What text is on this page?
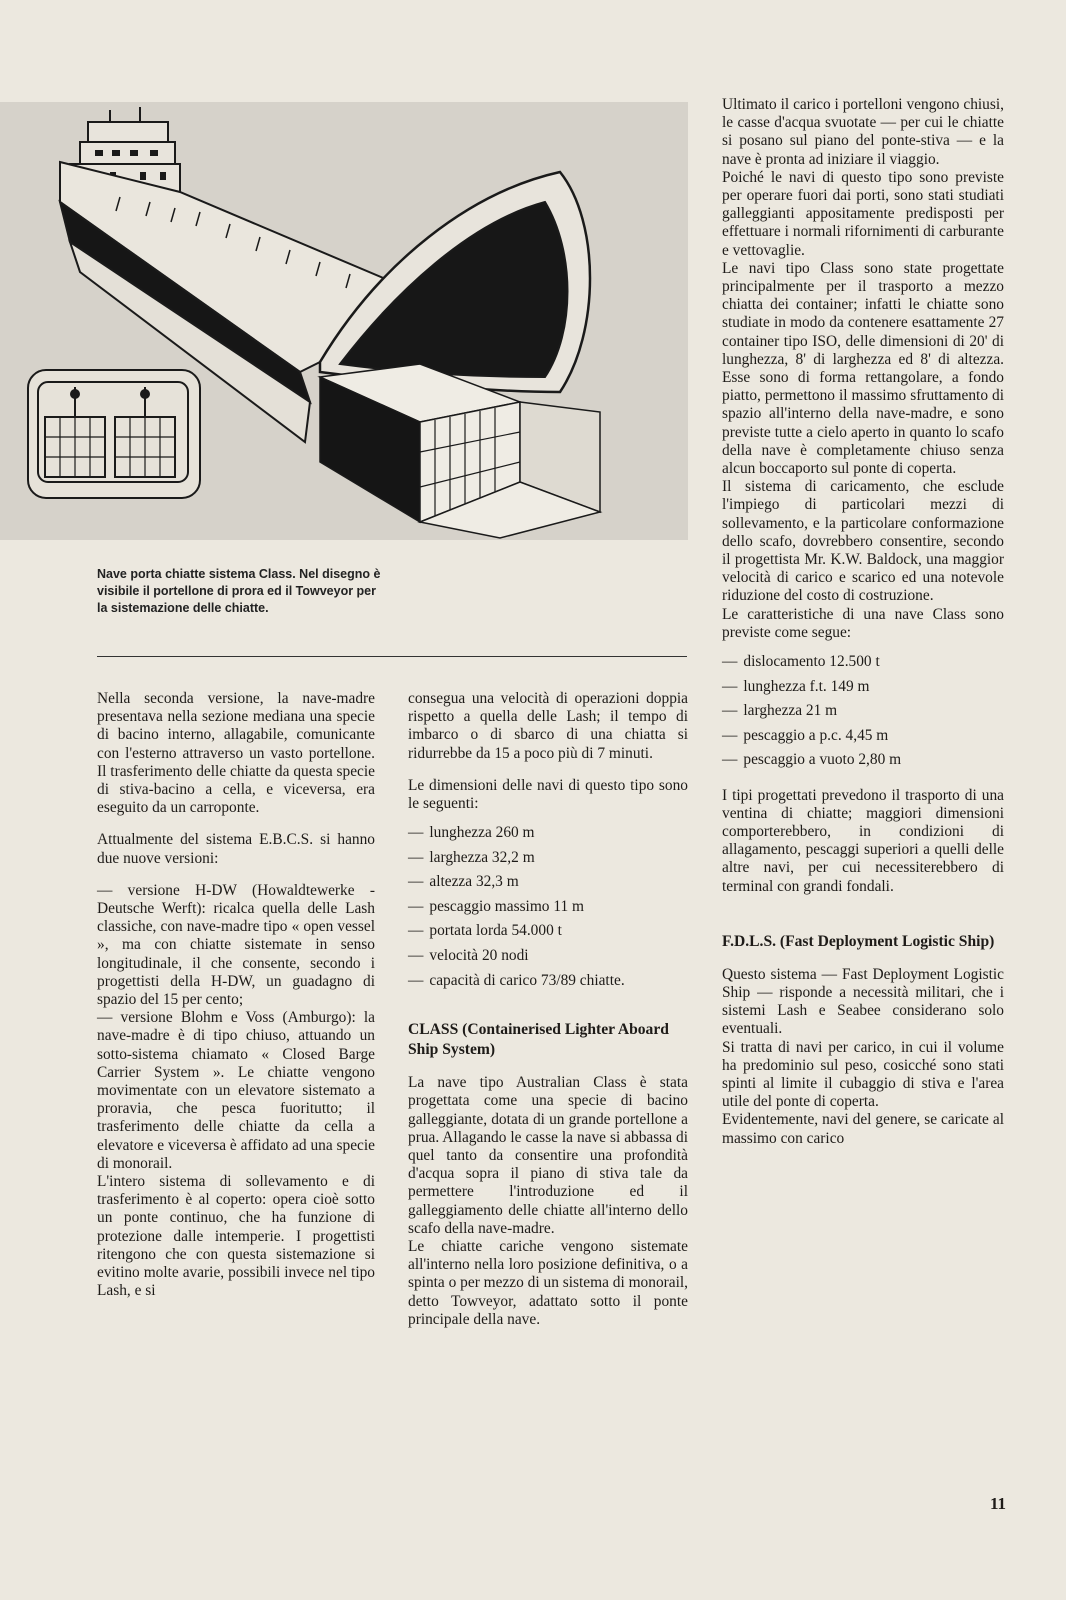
Nave porta chiatte sistema Class. Nel disegno è visibile il portellone di prora ed il Towveyor per la sistemazione delle chiatte.

Nella seconda versione, la nave-madre presentava nella sezione mediana una specie di bacino interno, allagabile, comunicante con l'esterno attraverso un vasto portellone. Il trasferimento delle chiatte da questa specie di stiva-bacino a cella, e viceversa, era eseguito da un carroponte.

Attualmente del sistema E.B.C.S. si hanno due nuove versioni:

— versione H-DW (Howaldtewerke - Deutsche Werft): ricalca quella delle Lash classiche, con nave-madre tipo « open vessel », ma con chiatte sistemate in senso longitudinale, il che consente, secondo i progettisti della H-DW, un guadagno di spazio del 15 per cento;

— versione Blohm e Voss (Amburgo): la nave-madre è di tipo chiuso, attuando un sotto-sistema chiamato « Closed Barge Carrier System ». Le chiatte vengono movimentate con un elevatore sistemato a proravia, che pesca fuoritutto; il trasferimento delle chiatte da cella a elevatore e viceversa è affidato ad una specie di monorail.

L'intero sistema di sollevamento e di trasferimento è al coperto: opera cioè sotto un ponte continuo, che ha funzione di protezione dalle intemperie. I progettisti ritengono che con questa sistemazione si evitino molte avarie, possibili invece nel tipo Lash, e si

consegua una velocità di operazioni doppia rispetto a quella delle Lash; il tempo di imbarco o di sbarco di una chiatta si ridurrebbe da 15 a poco più di 7 minuti.

Le dimensioni delle navi di questo tipo sono le seguenti:

— lunghezza 260 m
— larghezza 32,2 m
— altezza 32,3 m
— pescaggio massimo 11 m
— portata lorda 54.000 t
— velocità 20 nodi
— capacità di carico 73/89 chiatte.

CLASS (Containerised Lighter Aboard Ship System)

La nave tipo Australian Class è stata progettata come una specie di bacino galleggiante, dotata di un grande portellone a prua. Allagando le casse la nave si abbassa di quel tanto da consentire una profondità d'acqua sopra il piano di stiva tale da permettere l'introduzione ed il galleggiamento delle chiatte all'interno dello scafo della nave-madre.

Le chiatte cariche vengono sistemate all'interno nella loro posizione definitiva, o a spinta o per mezzo di un sistema di monorail, detto Towveyor, adattato sotto il ponte principale della nave.

Ultimato il carico i portelloni vengono chiusi, le casse d'acqua svuotate — per cui le chiatte si posano sul piano del ponte-stiva — e la nave è pronta ad iniziare il viaggio.

Poiché le navi di questo tipo sono previste per operare fuori dai porti, sono stati studiati galleggianti appositamente predisposti per effettuare i normali rifornimenti di carburante e vettovaglie.

Le navi tipo Class sono state progettate principalmente per il trasporto a mezzo chiatta dei container; infatti le chiatte sono studiate in modo da contenere esattamente 27 container tipo ISO, delle dimensioni di 20' di lunghezza, 8' di larghezza ed 8' di altezza. Esse sono di forma rettangolare, a fondo piatto, permettono il massimo sfruttamento di spazio all'interno della nave-madre, e sono previste tutte a cielo aperto in quanto lo scafo della nave è completamente chiuso senza alcun boccaporto sul ponte di coperta.

Il sistema di caricamento, che esclude l'impiego di particolari mezzi di sollevamento, e la particolare conformazione dello scafo, dovrebbero consentire, secondo il progettista Mr. K.W. Baldock, una maggior velocità di carico e scarico ed una notevole riduzione del costo di costruzione.

Le caratteristiche di una nave Class sono previste come segue:

— dislocamento 12.500 t
— lunghezza f.t. 149 m
— larghezza 21 m
— pescaggio a p.c. 4,45 m
— pescaggio a vuoto 2,80 m

I tipi progettati prevedono il trasporto di una ventina di chiatte; maggiori dimensioni comporterebbero, in condizioni di allagamento, pescaggi superiori a quelli delle altre navi, per cui necessiterebbero di terminal con grandi fondali.

F.D.L.S. (Fast Deployment Logistic Ship)

Questo sistema — Fast Deployment Logistic Ship — risponde a necessità militari, che i sistemi Lash e Seabee considerano solo eventuali.

Si tratta di navi per carico, in cui il volume ha predominio sul peso, cosicché sono stati spinti al limite il cubaggio di stiva e l'area utile del ponte di coperta.

Evidentemente, navi del genere, se caricate al massimo con carico

11
